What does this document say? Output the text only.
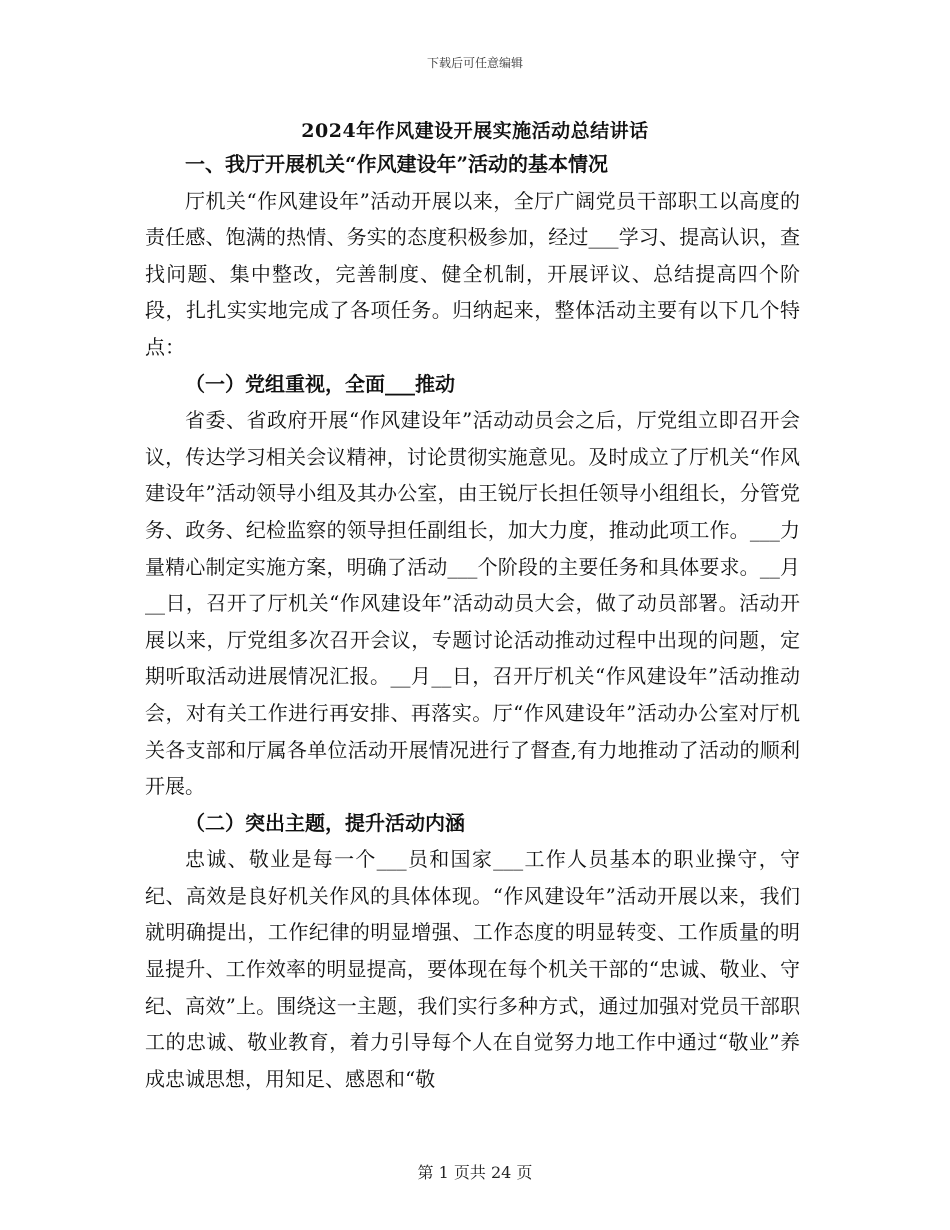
下载后可任意编辑
2024年作风建设开展实施活动总结讲话
一、我厅开展机关“作风建设年”活动的基本情况

厅机关“作风建设年”活动开展以来，全厅广阔党员干部职工以高度的责任感、饱满的热情、务实的态度积极参加，经过___学习、提高认识，查找问题、集中整改，完善制度、健全机制，开展评议、总结提高四个阶段，扎扎实实地完成了各项任务。归纳起来，整体活动主要有以下几个特点：

（一）党组重视，全面___推动

省委、省政府开展“作风建设年”活动动员会之后，厅党组立即召开会议，传达学习相关会议精神，讨论贯彻实施意见。及时成立了厅机关“作风建设年”活动领导小组及其办公室，由王锐厅长担任领导小组组长，分管党务、政务、纪检监察的领导担任副组长，加大力度，推动此项工作。___力量精心制定实施方案，明确了活动___个阶段的主要任务和具体要求。__月__日，召开了厅机关“作风建设年”活动动员大会，做了动员部署。活动开展以来，厅党组多次召开会议，专题讨论活动推动过程中出现的问题，定期听取活动进展情况汇报。__月__日，召开厅机关“作风建设年”活动推动会，对有关工作进行再安排、再落实。厅“作风建设年”活动办公室对厅机关各支部和厅属各单位活动开展情况进行了督查,有力地推动了活动的顺利开展。

（二）突出主题，提升活动内涵

忠诚、敬业是每一个___员和国家___工作人员基本的职业操守，守纪、高效是良好机关作风的具体体现。“作风建设年”活动开展以来，我们就明确提出，工作纪律的明显增强、工作态度的明显转变、工作质量的明显提升、工作效率的明显提高，要体现在每个机关干部的“忠诚、敬业、守纪、高效”上。围绕这一主题，我们实行多种方式，通过加强对党员干部职工的忠诚、敬业教育，着力引导每个人在自觉努力地工作中通过“敬业”养成忠诚思想，用知足、感恩和“敬

第 1 页共 24 页
